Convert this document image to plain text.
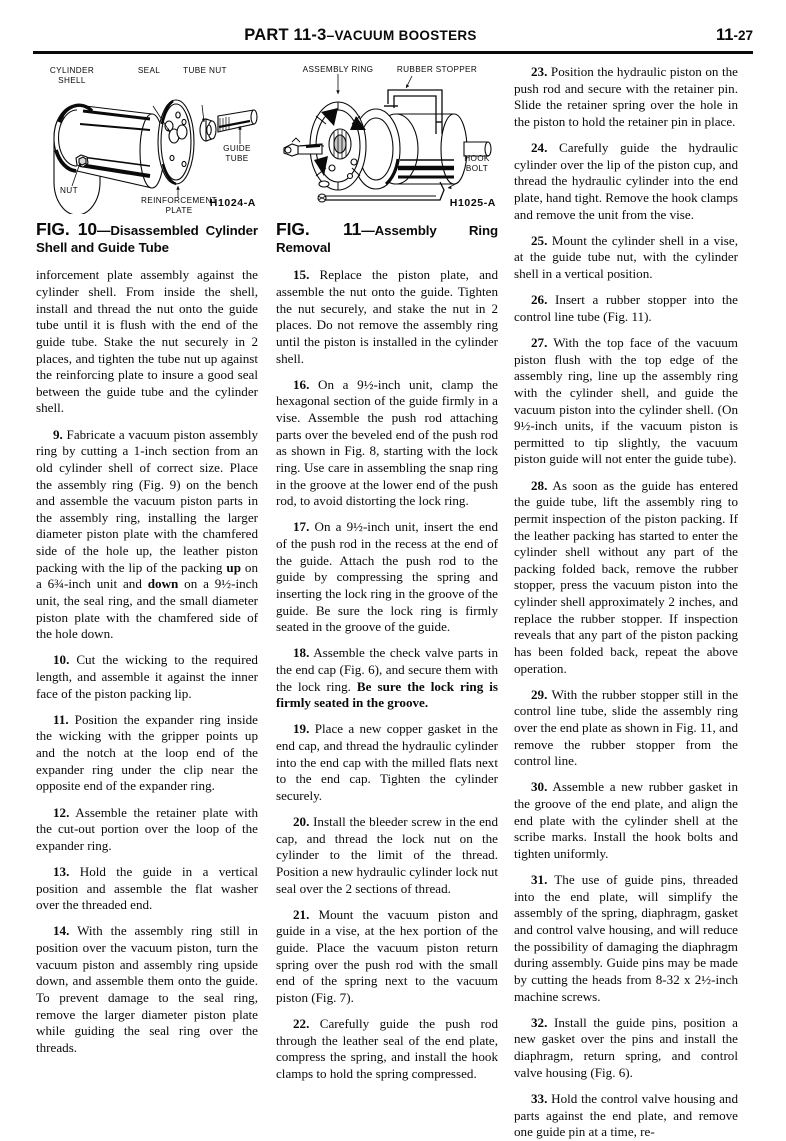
PART 11-3–VACUUM BOOSTERS	11-27
CYLINDER
SHELL
SEAL	TUBE NUT
GUIDE
TUBE
REINFORCEMENT
PLATE
NUT
H1024-A
FIG. 10—Disassembled Cylinder Shell and Guide Tube

inforcement plate assembly against the cylinder shell. From inside the shell, install and thread the nut onto the guide tube until it is flush with the end of the guide tube. Stake the nut securely in 2 places, and tighten the tube nut up against the reinforcing plate to insure a good seal between the guide tube and the cylinder shell.

9. Fabricate a vacuum piston assembly ring by cutting a 1-inch section from an old cylinder shell of correct size. Place the assembly ring (Fig. 9) on the bench and assemble the vacuum piston parts in the assembly ring, installing the larger diameter piston plate with the chamfered side of the hole up, the leather piston packing with the lip of the packing up on a 6¾-inch unit and down on a 9½-inch unit, the seal ring, and the small diameter piston plate with the chamfered side of the hole down.

10. Cut the wicking to the required length, and assemble it against the inner face of the piston packing lip.

11. Position the expander ring inside the wicking with the gripper points up and the notch at the loop end of the expander ring under the clip near the opposite end of the expander ring.

12. Assemble the retainer plate with the cut-out portion over the loop of the expander ring.

13. Hold the guide in a vertical position and assemble the flat washer over the threaded end.

14. With the assembly ring still in position over the vacuum piston, turn the vacuum piston and assembly ring upside down, and assemble them onto the guide. To prevent damage to the seal ring, remove the larger diameter piston plate while guiding the seal ring over the threads.

ASSEMBLY RING	RUBBER STOPPER
HOOK
BOLT
H1025-A
FIG. 11—Assembly Ring Removal

15. Replace the piston plate, and assemble the nut onto the guide. Tighten the nut securely, and stake the nut in 2 places. Do not remove the assembly ring until the piston is installed in the cylinder shell.

16. On a 9½-inch unit, clamp the hexagonal section of the guide firmly in a vise. Assemble the push rod attaching parts over the beveled end of the push rod as shown in Fig. 8, starting with the lock ring. Use care in assembling the snap ring in the groove at the lower end of the push rod, to avoid distorting the lock ring.

17. On a 9½-inch unit, insert the end of the push rod in the recess at the end of the guide. Attach the push rod to the guide by compressing the spring and inserting the lock ring in the groove of the guide. Be sure the lock ring is firmly seated in the groove of the guide.

18. Assemble the check valve parts in the end cap (Fig. 6), and secure them with the lock ring. Be sure the lock ring is firmly seated in the groove.

19. Place a new copper gasket in the end cap, and thread the hydraulic cylinder into the end cap with the milled flats next to the end cap. Tighten the cylinder securely.

20. Install the bleeder screw in the end cap, and thread the lock nut on the cylinder to the limit of the thread. Position a new hydraulic cylinder lock nut seal over the 2 sections of thread.

21. Mount the vacuum piston and guide in a vise, at the hex portion of the guide. Place the vacuum piston return spring over the push rod with the small end of the spring next to the vacuum piston (Fig. 7).

22. Carefully guide the push rod through the leather seal of the end plate, compress the spring, and install the hook clamps to hold the spring compressed.

23. Position the hydraulic piston on the push rod and secure with the retainer pin. Slide the retainer spring over the hole in the piston to hold the retainer pin in place.

24. Carefully guide the hydraulic cylinder over the lip of the piston cup, and thread the hydraulic cylinder into the end plate, hand tight. Remove the hook clamps and remove the unit from the vise.

25. Mount the cylinder shell in a vise, at the guide tube nut, with the cylinder shell in a vertical position.

26. Insert a rubber stopper into the control line tube (Fig. 11).

27. With the top face of the vacuum piston flush with the top edge of the assembly ring, line up the assembly ring with the cylinder shell, and guide the vacuum piston into the cylinder shell. (On 9½-inch units, if the vacuum piston is permitted to tip slightly, the vacuum piston guide will not enter the guide tube).

28. As soon as the guide has entered the guide tube, lift the assembly ring to permit inspection of the piston packing. If the leather packing has started to enter the cylinder shell without any part of the packing folded back, remove the rubber stopper, press the vacuum piston into the cylinder shell approximately 2 inches, and replace the rubber stopper. If inspection reveals that any part of the piston packing has been folded back, repeat the above operation.

29. With the rubber stopper still in the control line tube, slide the assembly ring over the end plate as shown in Fig. 11, and remove the rubber stopper from the control line.

30. Assemble a new rubber gasket in the groove of the end plate, and align the end plate with the cylinder shell at the scribe marks. Install the hook bolts and tighten uniformly.

31. The use of guide pins, threaded into the end plate, will simplify the assembly of the spring, diaphragm, gasket and control valve housing, and will reduce the possibility of damaging the diaphragm during assembly. Guide pins may be made by cutting the heads from 8-32 x 2½-inch machine screws.

32. Install the guide pins, position a new gasket over the pins and install the diaphragm, return spring, and control valve housing (Fig. 6).

33. Hold the control valve housing and parts against the end plate, and remove one guide pin at a time, re-
